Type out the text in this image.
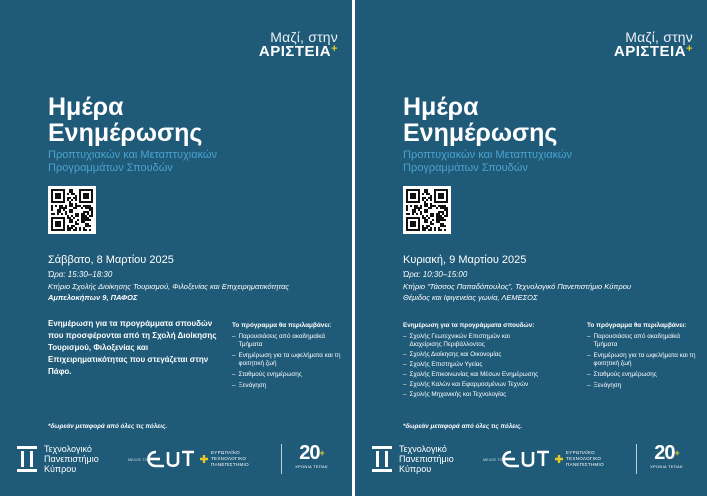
Μαζί, στην
ΑΡΙΣΤΕΙΑ+
Ημέρα
Ενημέρωσης
Προπτυχιακών και Μεταπτυχιακών
Προγραμμάτων Σπουδών
Σάββατο, 8 Μαρτίου 2025
Ώρα: 15:30–18:30
Κτήριο Σχολής Διοίκησης Τουρισμού, Φιλοξενίας και Επιχειρηματικότητας
Αμπελοκήπων 9, ΠΑΦΟΣ
Ενημέρωση για τα προγράμματα σπουδών που προσφέρονται από τη Σχολή Διοίκησης Τουρισμού, Φιλοξενίας και Επιχειρηματικότητας που στεγάζεται στην Πάφο.
Το πρόγραμμα θα περιλαμβάνει:
– Παρουσιάσεις από ακαδημαϊκά Τμήματα
– Ενημέρωση για τα ωφελήματα και τη φοιτητική ζωή
– Σταθμούς ενημέρωσης
– Ξενάγηση
*δωρεάν μεταφορά από όλες τις πόλεις.
Τεχνολογικό
Πανεπιστήμιο
Κύπρου
ΜΕΛΟΣ ΤΟΥ
ΕΥΡΩΠΑΪΚΟ
ΤΕΧΝΟΛΟΓΙΚΟ
ΠΑΝΕΠΙΣΤΗΜΙΟ
20+
ΧΡΟΝΙΑ ΤΕΠΑΚ
Μαζί, στην
ΑΡΙΣΤΕΙΑ+
Ημέρα
Ενημέρωσης
Προπτυχιακών και Μεταπτυχιακών
Προγραμμάτων Σπουδών
Κυριακή, 9 Μαρτίου 2025
Ώρα: 10:30–15:00
Κτήριο “Τάσσος Παπαδόπουλος”, Τεχνολογικό Πανεπιστήμιο Κύπρου
Θέμιδος και Ιφιγενείας γωνία, ΛΕΜΕΣΟΣ
Ενημέρωση για τα προγράμματα σπουδών:
– Σχολής Γεωτεχνικών Επιστημών και Διαχείρισης Περιβάλλοντος
– Σχολής Διοίκησης και Οικονομίας
– Σχολής Επιστημών Υγείας
– Σχολής Επικοινωνίας και Μέσων Ενημέρωσης
– Σχολής Καλών και Εφαρμοσμένων Τεχνών
– Σχολής Μηχανικής και Τεχνολογίας
Το πρόγραμμα θα περιλαμβάνει:
– Παρουσιάσεις από ακαδημαϊκά Τμήματα
– Ενημέρωση για τα ωφελήματα και τη φοιτητική ζωή
– Σταθμούς ενημέρωσης
– Ξενάγηση
*δωρεάν μεταφορά από όλες τις πόλεις.
Τεχνολογικό
Πανεπιστήμιο
Κύπρου
ΜΕΛΟΣ ΤΟΥ
ΕΥΡΩΠΑΪΚΟ
ΤΕΧΝΟΛΟΓΙΚΟ
ΠΑΝΕΠΙΣΤΗΜΙΟ
20+
ΧΡΟΝΙΑ ΤΕΠΑΚ
